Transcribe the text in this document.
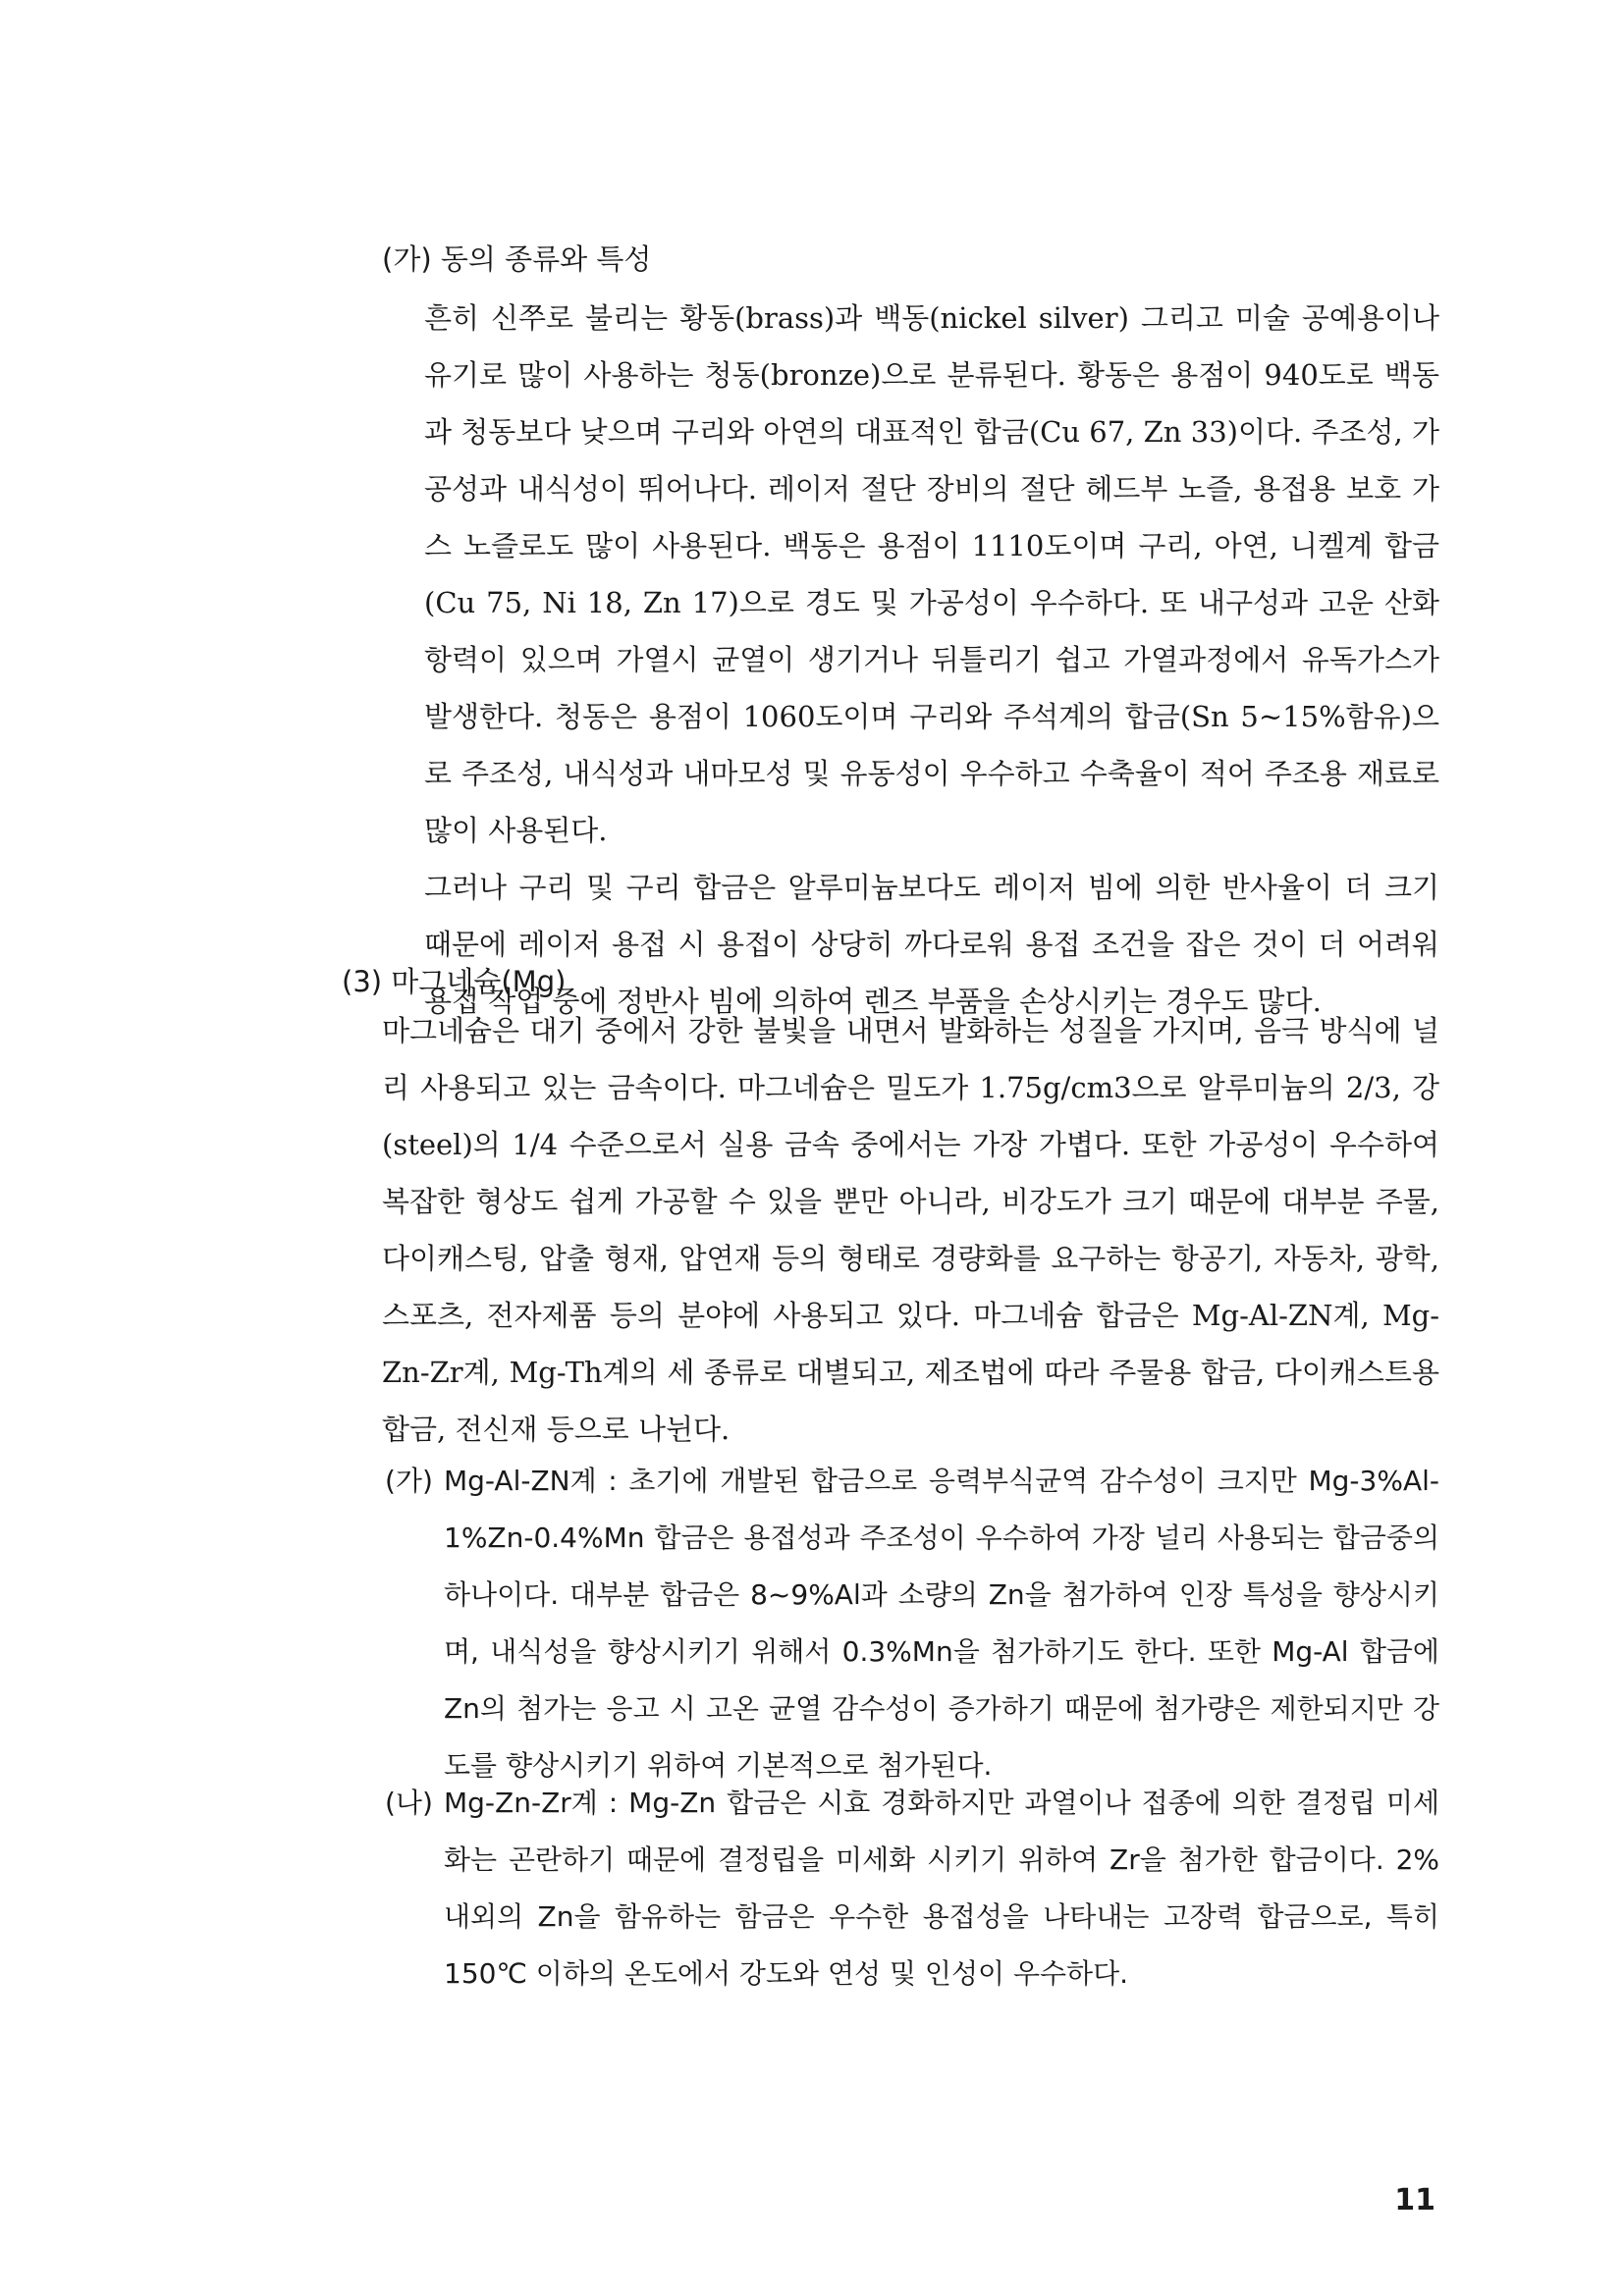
(가) 동의 종류와 특성

흔히 신쭈로 불리는 황동(brass)과 백동(nickel silver) 그리고 미술 공예용이나 유기로 많이 사용하는 청동(bronze)으로 분류된다. 황동은 용점이 940도로 백동과 청동보다 낮으며 구리와 아연의 대표적인 합금(Cu 67, Zn 33)이다. 주조성, 가공성과 내식성이 뛰어나다. 레이저 절단 장비의 절단 헤드부 노즐, 용접용 보호 가스 노즐로도 많이 사용된다. 백동은 용점이 1110도이며 구리, 아연, 니켈계 합금(Cu 75, Ni 18, Zn 17)으로 경도 및 가공성이 우수하다. 또 내구성과 고운 산화 항력이 있으며 가열시 균열이 생기거나 뒤틀리기 쉽고 가열과정에서 유독가스가 발생한다. 청동은 용점이 1060도이며 구리와 주석계의 합금(Sn 5~15%함유)으로 주조성, 내식성과 내마모성 및 유동성이 우수하고 수축율이 적어 주조용 재료로 많이 사용된다.

그러나 구리 및 구리 합금은 알루미늄보다도 레이저 빔에 의한 반사율이 더 크기 때문에 레이저 용접 시 용접이 상당히 까다로워 용접 조건을 잡은 것이 더 어려워 용접 작업 중에 정반사 빔에 의하여 렌즈 부품을 손상시키는 경우도 많다.

(3) 마그네슘(Mg)

마그네슘은 대기 중에서 강한 불빛을 내면서 발화하는 성질을 가지며, 음극 방식에 널리 사용되고 있는 금속이다. 마그네슘은 밀도가 1.75g/cm3으로 알루미늄의 2/3, 강(steel)의 1/4 수준으로서 실용 금속 중에서는 가장 가볍다. 또한 가공성이 우수하여 복잡한 형상도 쉽게 가공할 수 있을 뿐만 아니라, 비강도가 크기 때문에 대부분 주물, 다이캐스팅, 압출 형재, 압연재 등의 형태로 경량화를 요구하는 항공기, 자동차, 광학, 스포츠, 전자제품 등의 분야에 사용되고 있다. 마그네슘 합금은 Mg-Al-ZN계, Mg-Zn-Zr계, Mg-Th계의 세 종류로 대별되고, 제조법에 따라 주물용 합금, 다이캐스트용 합금, 전신재 등으로 나뉜다.

(가) Mg-Al-ZN계 : 초기에 개발된 합금으로 응력부식균역 감수성이 크지만 Mg-3%Al-1%Zn-0.4%Mn 합금은 용접성과 주조성이 우수하여 가장 널리 사용되는 합금중의 하나이다. 대부분 합금은 8~9%Al과 소량의 Zn을 첨가하여 인장 특성을 향상시키며, 내식성을 향상시키기 위해서 0.3%Mn을 첨가하기도 한다. 또한 Mg-Al 합금에 Zn의 첨가는 응고 시 고온 균열 감수성이 증가하기 때문에 첨가량은 제한되지만 강도를 향상시키기 위하여 기본적으로 첨가된다.
(나) Mg-Zn-Zr계 : Mg-Zn 합금은 시효 경화하지만 과열이나 접종에 의한 결정립 미세화는 곤란하기 때문에 결정립을 미세화 시키기 위하여 Zr을 첨가한 합금이다. 2% 내외의 Zn을 함유하는 함금은 우수한 용접성을 나타내는 고장력 합금으로, 특히 150℃ 이하의 온도에서 강도와 연성 및 인성이 우수하다.
11
